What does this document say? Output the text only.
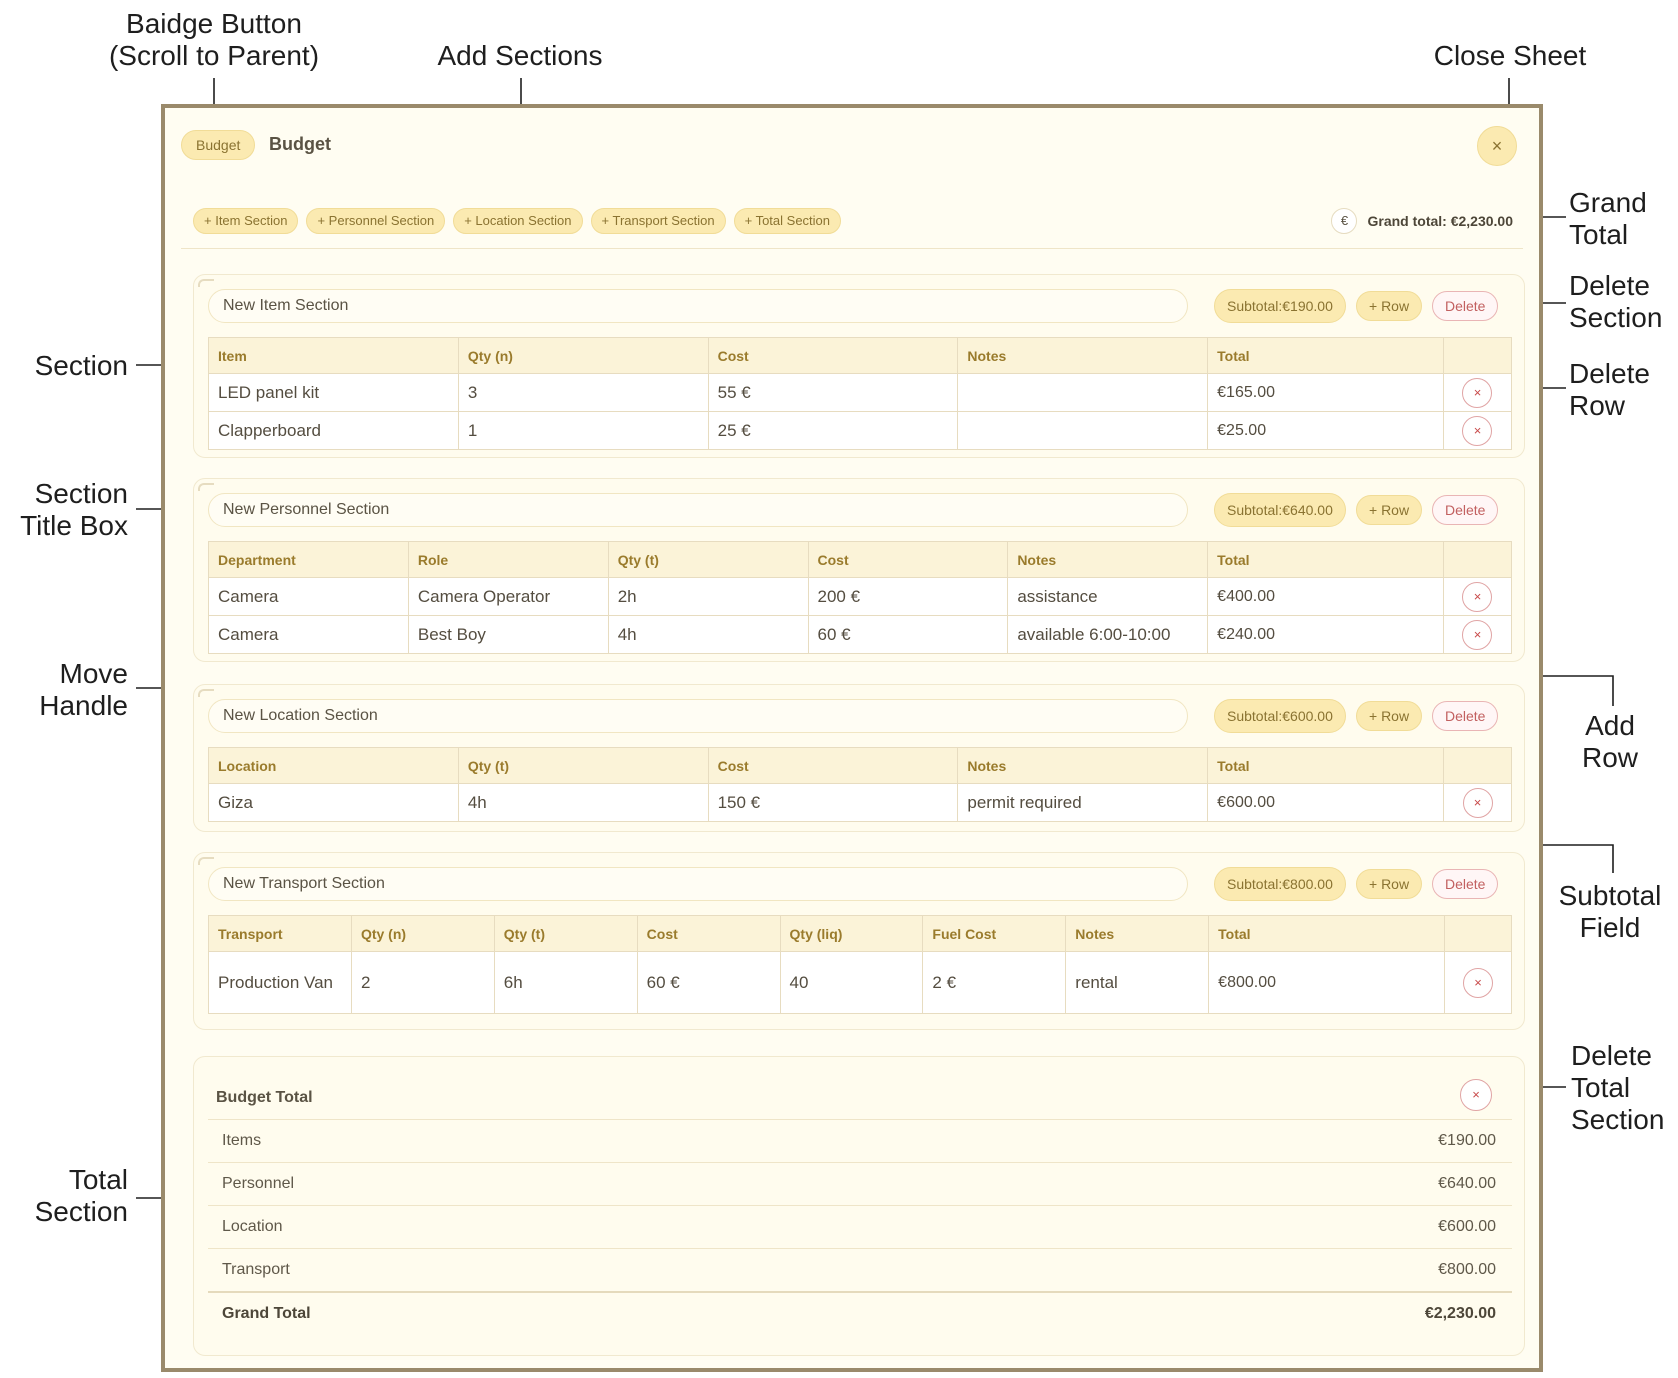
Baidge Button
(Scroll to Parent)	Add Sections	Close Sheet
Grand
Total
Delete
Section
Delete
Row
Section
Section
Title Box
Move
Handle
Add
Row
Subtotal
Field
Total
Section
Delete
Total
Section
Budget	Budget	×
+ Item Section	+ Personnel Section	+ Location Section	+ Transport Section	+ Total Section	€	Grand total: €2,230.00
New Item Section	Subtotal:€190.00	+ Row	Delete
Item	Qty (n)	Cost	Notes	Total	
LED panel kit	3	55 €		€165.00	×
Clapperboard	1	25 €		€25.00	×
New Personnel Section	Subtotal:€640.00	+ Row	Delete
Department	Role	Qty (t)	Cost	Notes	Total	
Camera	Camera Operator	2h	200 €	assistance	€400.00	×
Camera	Best Boy	4h	60 €	available 6:00-10:00	€240.00	×
New Location Section	Subtotal:€600.00	+ Row	Delete
Location	Qty (t)	Cost	Notes	Total	
Giza	4h	150 €	permit required	€600.00	×
New Transport Section	Subtotal:€800.00	+ Row	Delete
Transport	Qty (n)	Qty (t)	Cost	Qty (liq)	Fuel Cost	Notes	Total	
Production Van	2	6h	60 €	40	2 €	rental	€800.00	×
Budget Total	×
Items	€190.00
Personnel	€640.00
Location	€600.00
Transport	€800.00
Grand Total	€2,230.00
